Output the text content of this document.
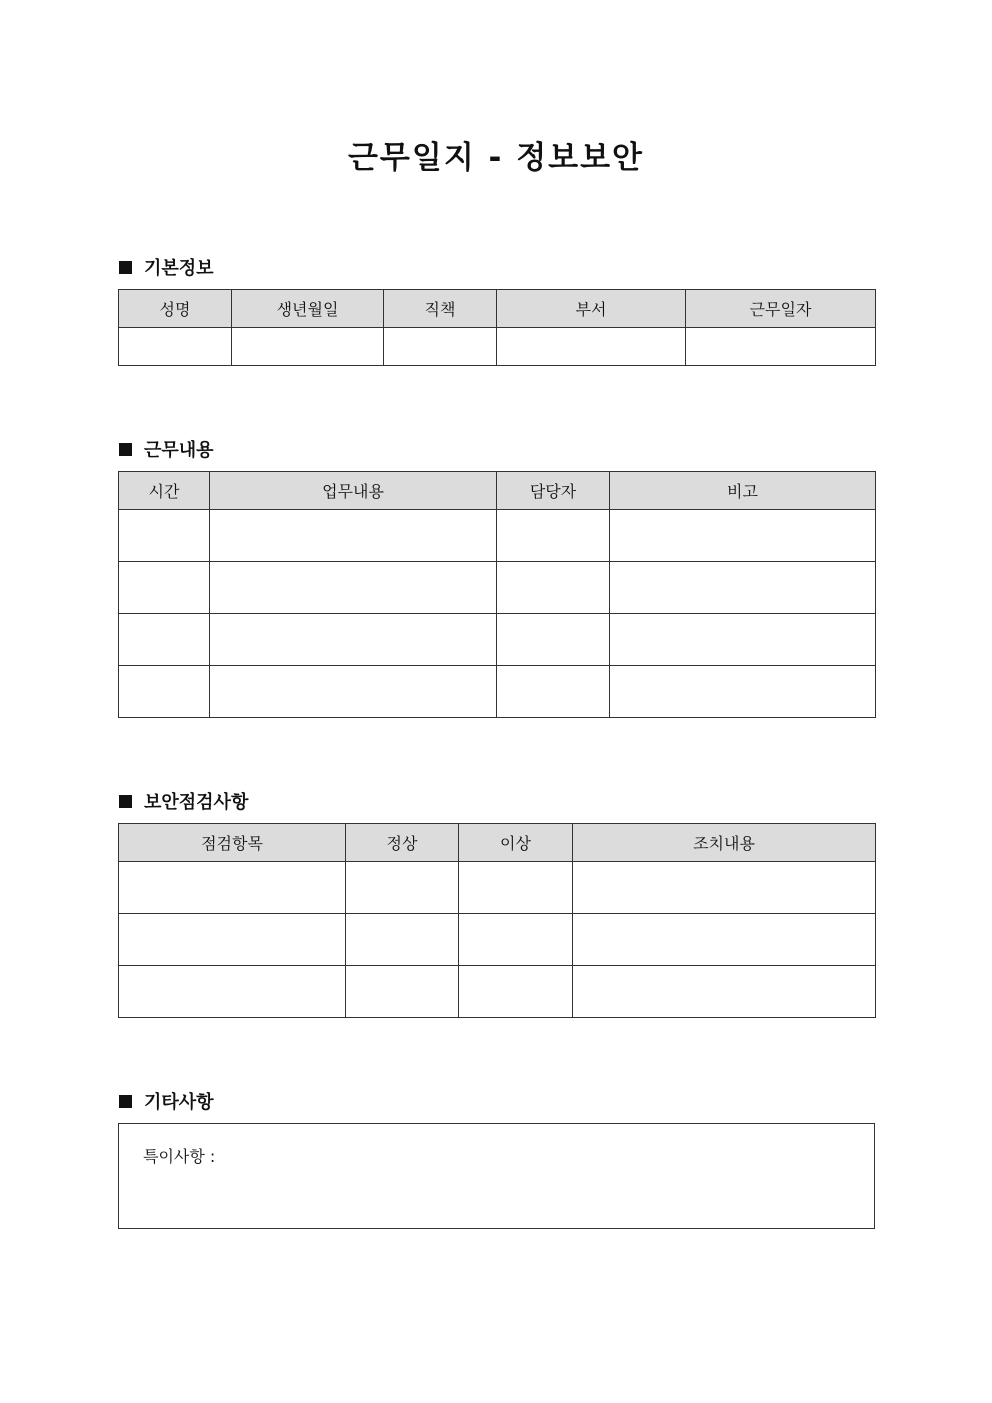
근무일지 - 정보보안
기본정보
성명	생년월일	직책	부서	근무일자

근무내용
시간	업무내용	담당자	비고

보안점검사항
점검항목	정상	이상	조치내용

기타사항
특이사항 :
